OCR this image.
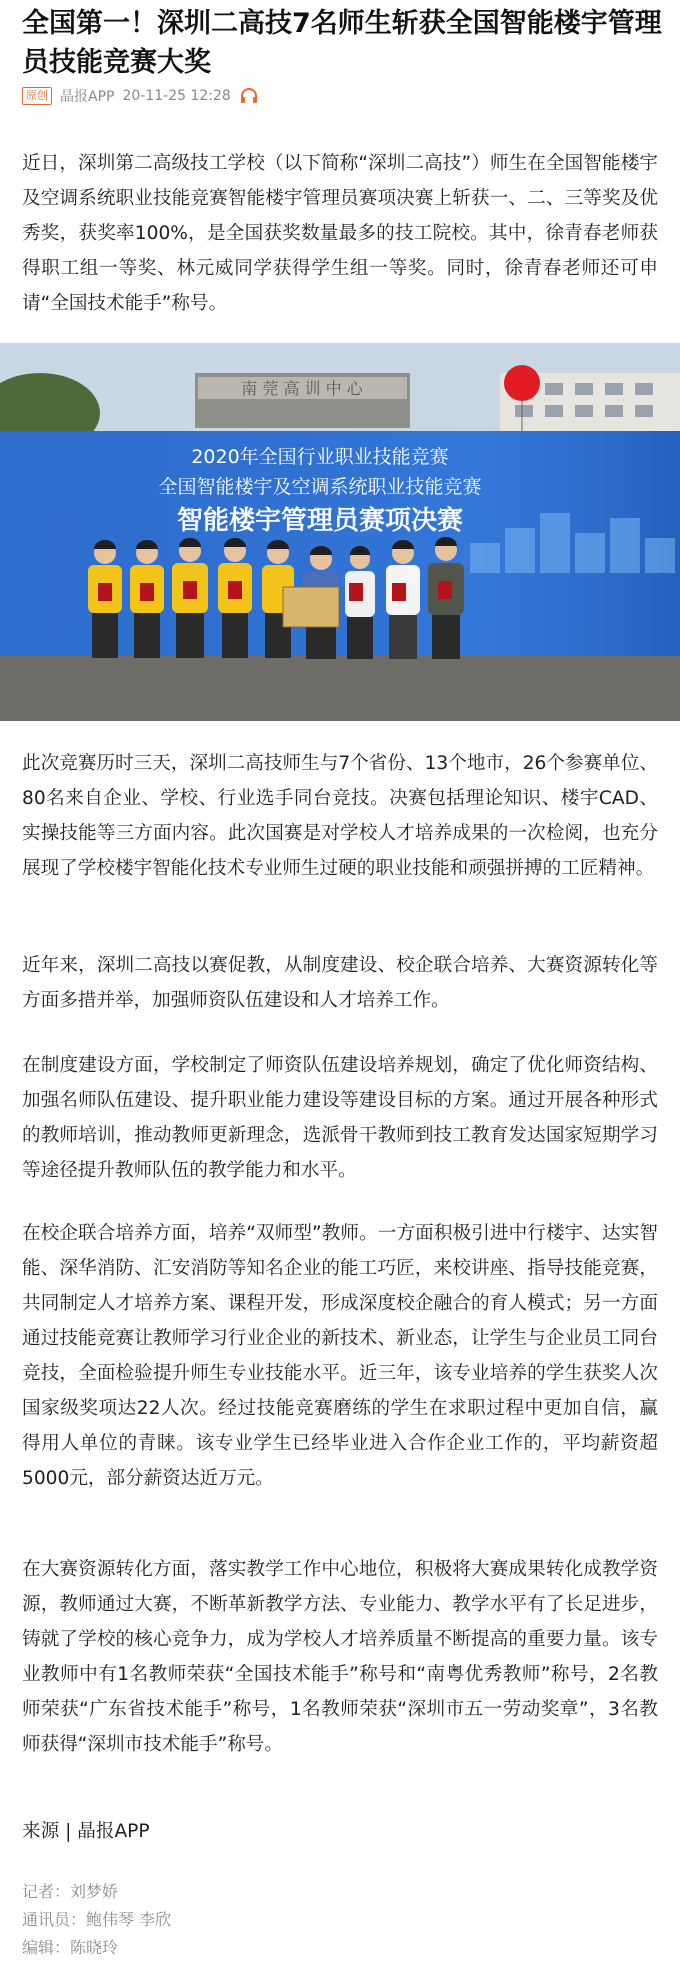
全国第一！深圳二高技7名师生斩获全国智能楼宇管理员技能竞赛大奖
原创 晶报APP 20-11-25 12:28

近日，深圳第二高级技工学校（以下简称“深圳二高技”）师生在全国智能楼宇及空调系统职业技能竞赛智能楼宇管理员赛项决赛上斩获一、二、三等奖及优秀奖，获奖率100%，是全国获奖数量最多的技工院校。其中，徐青春老师获得职工组一等奖、林元威同学获得学生组一等奖。同时，徐青春老师还可申请“全国技术能手”称号。

南 莞 高 训 中 心
2020年全国行业职业技能竞赛
全国智能楼宇及空调系统职业技能竞赛
智能楼宇管理员赛项决赛

此次竞赛历时三天，深圳二高技师生与7个省份、13个地市，26个参赛单位、80名来自企业、学校、行业选手同台竞技。决赛包括理论知识、楼宇CAD、实操技能等三方面内容。此次国赛是对学校人才培养成果的一次检阅，也充分展现了学校楼宇智能化技术专业师生过硬的职业技能和顽强拼搏的工匠精神。

近年来，深圳二高技以赛促教，从制度建设、校企联合培养、大赛资源转化等方面多措并举，加强师资队伍建设和人才培养工作。

在制度建设方面，学校制定了师资队伍建设培养规划，确定了优化师资结构、加强名师队伍建设、提升职业能力建设等建设目标的方案。通过开展各种形式的教师培训，推动教师更新理念，选派骨干教师到技工教育发达国家短期学习等途径提升教师队伍的教学能力和水平。

在校企联合培养方面，培养“双师型”教师。一方面积极引进中行楼宇、达实智能、深华消防、汇安消防等知名企业的能工巧匠，来校讲座、指导技能竞赛，共同制定人才培养方案、课程开发，形成深度校企融合的育人模式；另一方面通过技能竞赛让教师学习行业企业的新技术、新业态，让学生与企业员工同台竞技，全面检验提升师生专业技能水平。近三年，该专业培养的学生获奖人次国家级奖项达22人次。经过技能竞赛磨练的学生在求职过程中更加自信，赢得用人单位的青睐。该专业学生已经毕业进入合作企业工作的，平均薪资超5000元，部分薪资达近万元。

在大赛资源转化方面，落实教学工作中心地位，积极将大赛成果转化成教学资源，教师通过大赛，不断革新教学方法、专业能力、教学水平有了长足进步，铸就了学校的核心竞争力，成为学校人才培养质量不断提高的重要力量。该专业教师中有1名教师荣获“全国技术能手”称号和“南粤优秀教师”称号，2名教师荣获“广东省技术能手”称号，1名教师荣获“深圳市五一劳动奖章”，3名教师获得“深圳市技术能手”称号。

来源 | 晶报APP
记者：刘梦娇
通讯员：鲍伟琴 李欣
编辑：陈晓玲
